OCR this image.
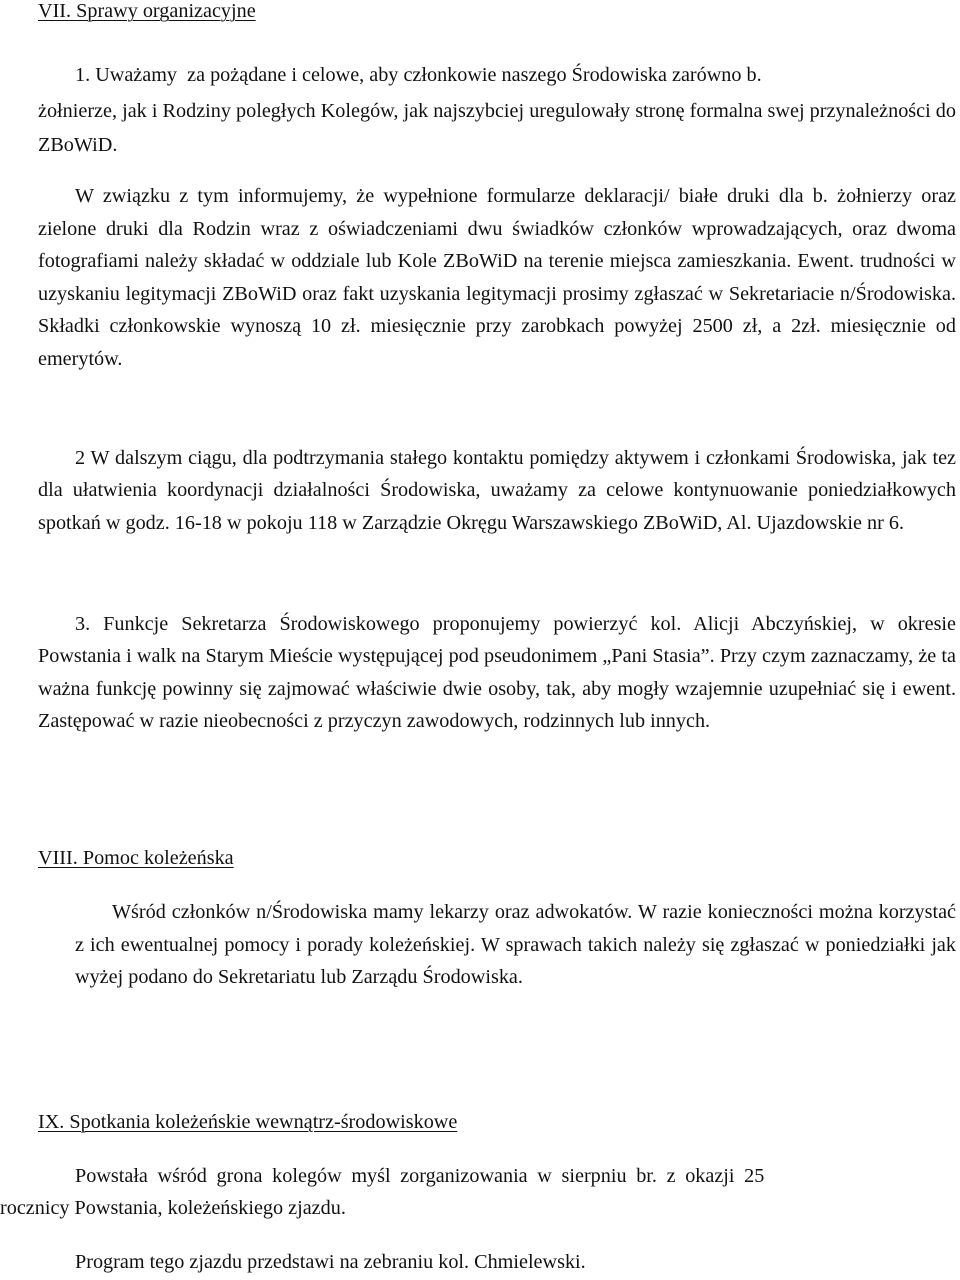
VII. Sprawy organizacyjne
1. Uważamy  za pożądane i celowe, aby członkowie naszego Środowiska zarówno b.
żołnierze, jak i Rodziny poległych Kolegów, jak najszybciej uregulowały stronę formalna swej przynależności do ZBoWiD.
W związku z tym informujemy, że wypełnione formularze deklaracji/ białe druki dla b. żołnierzy oraz zielone druki dla Rodzin wraz z oświadczeniami dwu świadków członków wprowadzających, oraz dwoma fotografiami należy składać w oddziale lub Kole ZBoWiD na terenie miejsca zamieszkania. Ewent. trudności w uzyskaniu legitymacji ZBoWiD oraz fakt uzyskania legitymacji prosimy zgłaszać w Sekretariacie n/Środowiska. Składki członkowskie wynoszą 10 zł. miesięcznie przy zarobkach powyżej 2500 zł, a 2zł. miesięcznie od emerytów.
2 W dalszym ciągu, dla podtrzymania stałego kontaktu pomiędzy aktywem i członkami Środowiska, jak tez dla ułatwienia koordynacji działalności Środowiska, uważamy za celowe kontynuowanie poniedziałkowych spotkań w godz. 16-18 w pokoju 118 w Zarządzie Okręgu Warszawskiego ZBoWiD, Al. Ujazdowskie nr 6.
3. Funkcje Sekretarza Środowiskowego proponujemy powierzyć kol. Alicji Abczyńskiej, w okresie Powstania i walk na Starym Mieście występującej pod pseudonimem „Pani Stasia”. Przy czym zaznaczamy, że ta ważna funkcję powinny się zajmować właściwie dwie osoby, tak, aby mogły wzajemnie uzupełniać się i ewent. Zastępować w razie nieobecności z przyczyn zawodowych, rodzinnych lub innych.
VIII. Pomoc koleżeńska
Wśród członków n/Środowiska mamy lekarzy oraz adwokatów. W razie konieczności można korzystać z ich ewentualnej pomocy i porady koleżeńskiej. W sprawach takich należy się zgłaszać w poniedziałki jak wyżej podano do Sekretariatu lub Zarządu Środowiska.
IX. Spotkania koleżeńskie wewnątrz-środowiskowe
Powstała wśród grona kolegów myśl zorganizowania w sierpniu br. z okazji 25
rocznicy Powstania, koleżeńskiego zjazdu.
Program tego zjazdu przedstawi na zebraniu kol. Chmielewski.
